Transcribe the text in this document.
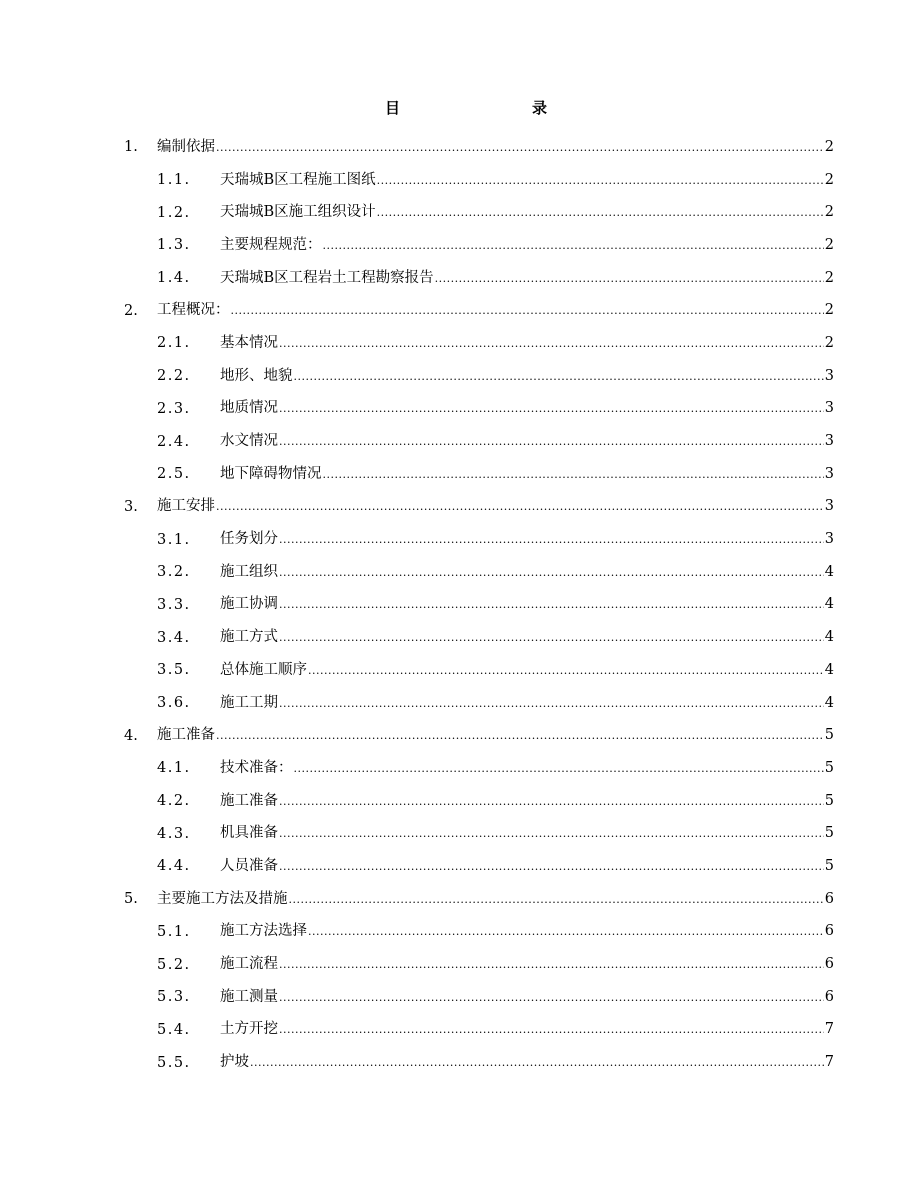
目　　录
1. 编制依据 .....	2
1.1. 天瑞城B区工程施工图纸 .....	2
1.2. 天瑞城B区施工组织设计 .....	2
1.3. 主要规程规范： .....	2
1.4. 天瑞城B区工程岩土工程勘察报告 .....	2
2. 工程概况： .....	2
2.1. 基本情况 .....	2
2.2. 地形、地貌 .....	3
2.3. 地质情况 .....	3
2.4. 水文情况 .....	3
2.5. 地下障碍物情况 .....	3
3. 施工安排 .....	3
3.1. 任务划分 .....	3
3.2. 施工组织 .....	4
3.3. 施工协调 .....	4
3.4. 施工方式 .....	4
3.5. 总体施工顺序 .....	4
3.6. 施工工期 .....	4
4. 施工准备 .....	5
4.1. 技术准备： .....	5
4.2. 施工准备 .....	5
4.3. 机具准备 .....	5
4.4. 人员准备 .....	5
5. 主要施工方法及措施 .....	6
5.1. 施工方法选择 .....	6
5.2. 施工流程 .....	6
5.3. 施工测量 .....	6
5.4. 土方开挖 .....	7
5.5. 护坡 .....	7
